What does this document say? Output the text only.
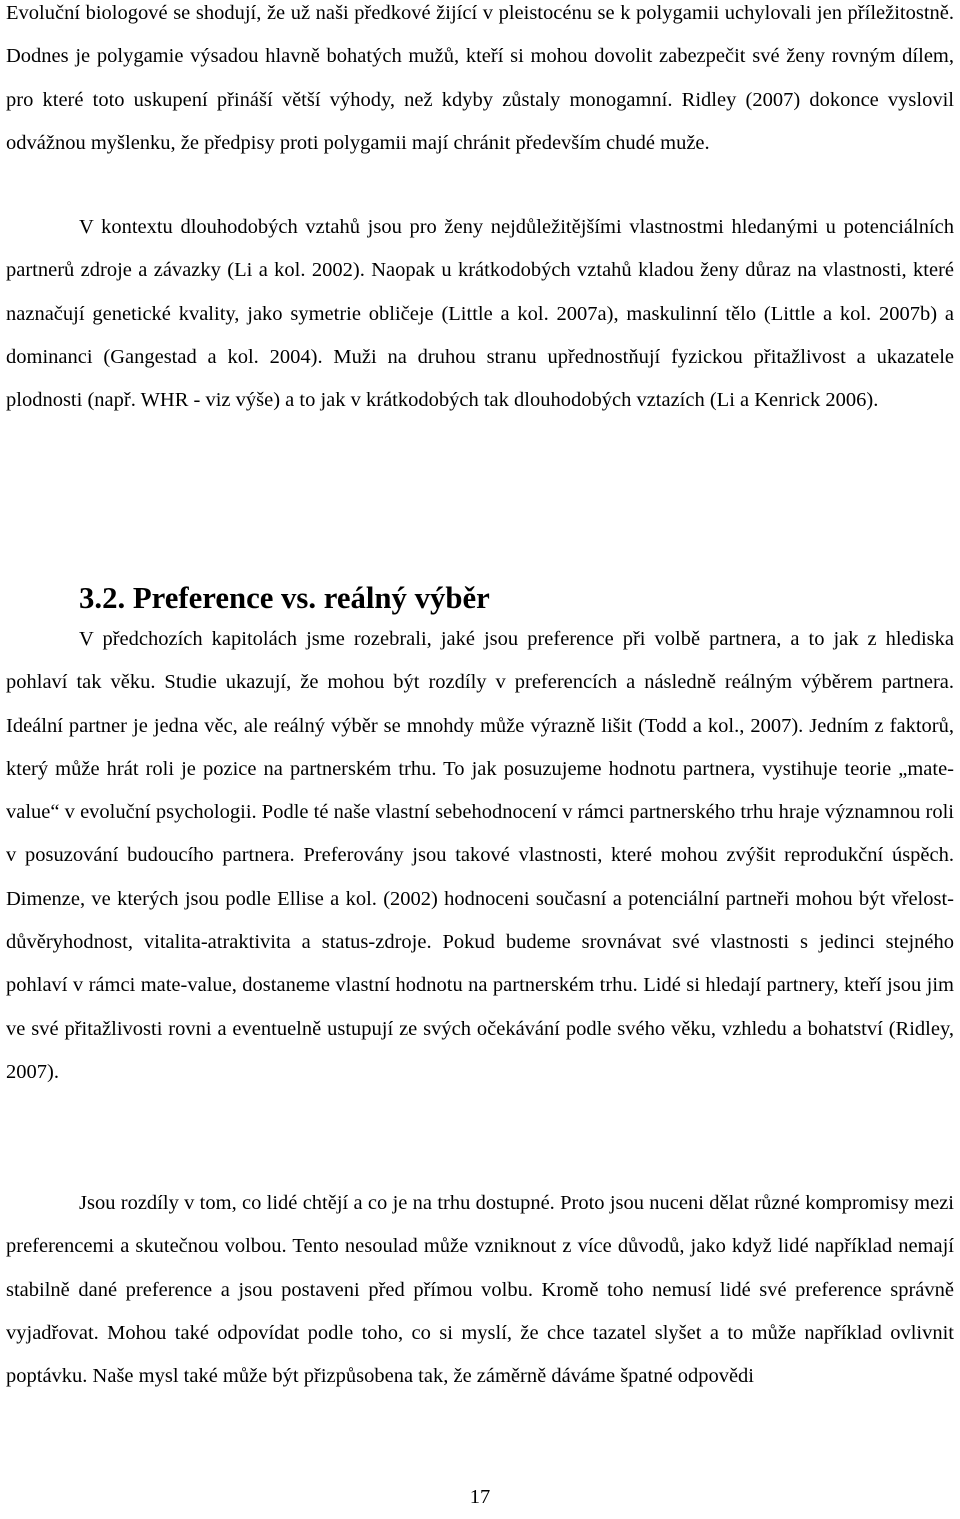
Evoluční biologové se shodují, že už naši předkové žijící v pleistocénu se k polygamii uchylovali jen příležitostně. Dodnes je polygamie výsadou hlavně bohatých mužů, kteří si mohou dovolit zabezpečit své ženy rovným dílem, pro které toto uskupení přináší větší výhody, než kdyby zůstaly monogamní. Ridley (2007) dokonce vyslovil odvážnou myšlenku, že předpisy proti polygamii mají chránit především chudé muže.

V kontextu dlouhodobých vztahů jsou pro ženy nejdůležitějšími vlastnostmi hledanými u potenciálních partnerů zdroje a závazky (Li a kol. 2002). Naopak u krátkodobých vztahů kladou ženy důraz na vlastnosti, které naznačují genetické kvality, jako symetrie obličeje (Little a kol. 2007a), maskulinní tělo (Little a kol. 2007b) a dominanci (Gangestad a kol. 2004). Muži na druhou stranu upřednostňují fyzickou přitažlivost a ukazatele plodnosti (např. WHR - viz výše) a to jak v krátkodobých tak dlouhodobých vztazích (Li a Kenrick 2006).

3.2. Preference vs. reálný výběr

V předchozích kapitolách jsme rozebrali, jaké jsou preference při volbě partnera, a to jak z hlediska pohlaví tak věku. Studie ukazují, že mohou být rozdíly v preferencích a následně reálným výběrem partnera. Ideální partner je jedna věc, ale reálný výběr se mnohdy může výrazně lišit (Todd a kol., 2007). Jedním z faktorů, který může hrát roli je pozice na partnerském trhu. To jak posuzujeme hodnotu partnera, vystihuje teorie „mate-value“ v evoluční psychologii. Podle té naše vlastní sebehodnocení v rámci partnerského trhu hraje významnou roli v posuzování budoucího partnera. Preferovány jsou takové vlastnosti, které mohou zvýšit reprodukční úspěch. Dimenze, ve kterých jsou podle Ellise a kol. (2002) hodnoceni současní a potenciální partneři mohou být vřelost-důvěryhodnost, vitalita-atraktivita a status-zdroje. Pokud budeme srovnávat své vlastnosti s jedinci stejného pohlaví v rámci mate-value, dostaneme vlastní hodnotu na partnerském trhu. Lidé si hledají partnery, kteří jsou jim ve své přitažlivosti rovni a eventuelně ustupují ze svých očekávání podle svého věku, vzhledu a bohatství (Ridley, 2007).

Jsou rozdíly v tom, co lidé chtějí a co je na trhu dostupné. Proto jsou nuceni dělat různé kompromisy mezi preferencemi a skutečnou volbou. Tento nesoulad může vzniknout z více důvodů, jako když lidé například nemají stabilně dané preference a jsou postaveni před přímou volbu. Kromě toho nemusí lidé své preference správně vyjadřovat. Mohou také odpovídat podle toho, co si myslí, že chce tazatel slyšet a to může například ovlivnit poptávku. Naše mysl také může být přizpůsobena tak, že záměrně dáváme špatné odpovědi

17
